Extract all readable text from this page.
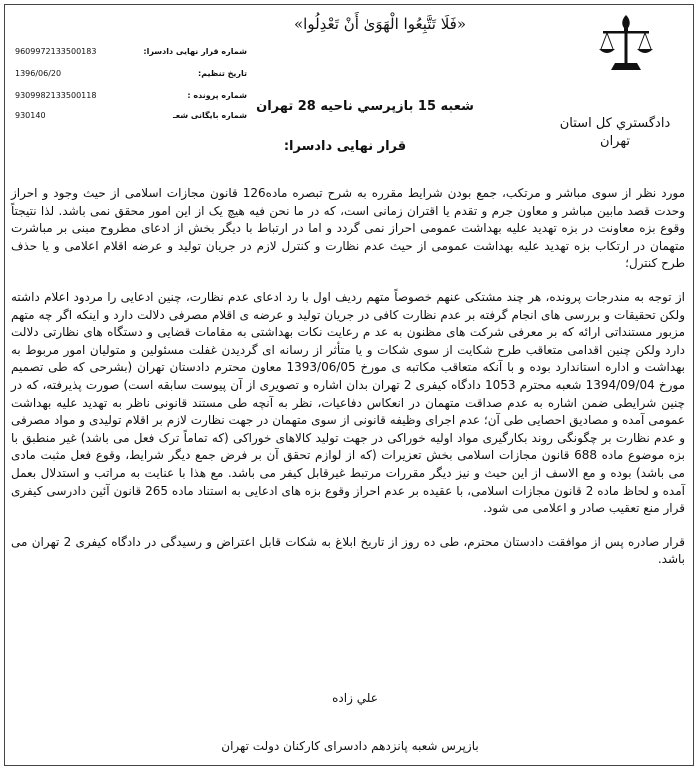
دادگستري كل استان
تهران
«فَلَا تَتَّبِعُوا الْهَوَىٰ أَنْ تَعْدِلُوا»
شعبه 15 بازپرسي ناحيه 28 تهران
قرار نهايی دادسرا:
شماره قرار نهايی دادسرا:
9609972133500183
تاريخ تنظيم:
1396/06/20
شماره پرونده :
9309982133500118
شماره بايگانی شعـ
930140

مورد نظر از سوی مباشر و مرتكب، جمع بودن شرايط مقرره به شرح تبصره ماده126 قانون مجازات اسلامی از حيث وجود و احراز وحدت قصد مابين مباشر و معاون جرم و تقدم يا اقتران زمانی است، كه در ما نحن فيه هيچ يک از اين امور محقق نمی باشد. لذا نتيجتاً وقوع بزه معاونت در بزه تهديد عليه بهداشت عمومی احراز نمی گردد و اما در ارتباط با ديگر بخش از ادعای مطروح مبنی بر مباشرت متهمان در ارتكاب بزه تهديد عليه بهداشت عمومی از حيث عدم نظارت و كنترل لازم در جريان توليد و عرضه اقلام اعلامی و يا حذف طرح كنترل؛

از توجه به مندرجات پرونده، هر چند مشتكی عنهم خصوصاً متهم رديف اول با رد ادعای عدم نظارت، چنين ادعايی را مردود اعلام داشته ولكن تحقيقات و بررسی های انجام گرفته بر عدم نظارت كافی در جريان توليد و عرضه ی اقلام مصرفی دلالت دارد و اينكه اگر چه متهم مزبور مستنداتی ارائه كه بر معرفی شركت های مظنون به عد م رعايت نكات بهداشتی به مقامات قضايی و دستگاه های نظارتی دلالت دارد ولكن چنين اقدامی متعاقب طرح شكايت از سوی شكات و يا متأثر از رسانه ای گرديدن غفلت مسئولين و متوليان امور مربوط به بهداشت و اداره استاندارد بوده و با آنكه متعاقب مكاتبه ی مورخ 1393/06/05 معاون محترم دادستان تهران (بشرحی كه طی تصميم مورخ 1394/09/04 شعبه محترم 1053 دادگاه كيفری 2 تهران بدان اشاره و تصويری از آن پيوست سابقه است) صورت پذيرفته، كه در چنين شرايطی ضمن اشاره به عدم صداقت متهمان در انعكاس دفاعيات، نظر به آنچه طی مستند قانونی ناظر به تهديد عليه بهداشت عمومی آمده و مصاديق احصايی طی آن؛ عدم اجرای وظيفه قانونی از سوی متهمان در جهت نظارت لازم بر اقلام توليدی و مواد مصرفی و عدم نظارت بر چگونگی روند بكارگيری مواد اوليه خوراكی در جهت توليد كالاهای خوراكی (كه تماماً ترک فعل می باشد) غير منطبق با بزه موضوع ماده 688 قانون مجازات اسلامی بخش تعزيرات (كه از لوازم تحقق آن بر فرض جمع ديگر شرايط، وقوع فعل مثبت مادی می باشد) بوده و مع الاسف از اين حيث و نيز ديگر مقررات مرتبط غيرقابل كيفر می باشد. مع هذا با عنايت به مراتب و استدلال بعمل آمده و لحاظ ماده 2 قانون مجازات اسلامی، با عقيده بر عدم احراز وقوع بزه های ادعايی به استناد ماده 265 قانون آئين دادرسی كيفری قرار منع تعقيب صادر و اعلامی می شود.

قرار صادره پس از موافقت دادستان محترم، طی ده روز از تاريخ ابلاغ به شكات قابل اعتراض و رسيدگی در دادگاه كيفری 2 تهران می باشد.

علي زاده
بازپرس شعبه پانزدهم دادسرای كاركنان دولت تهران
